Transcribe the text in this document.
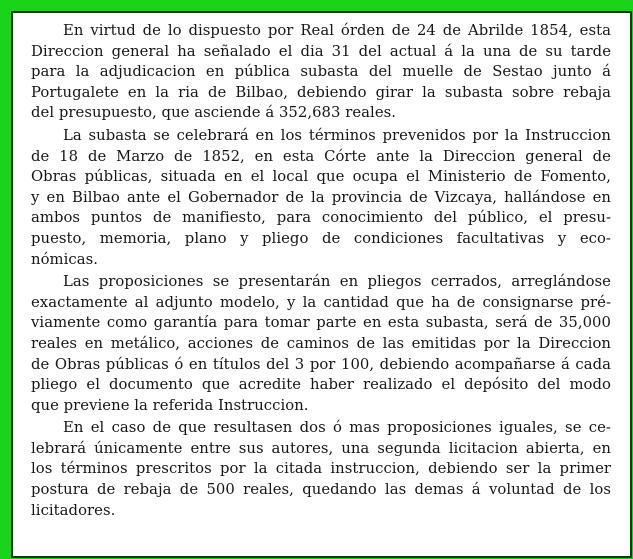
En virtud de lo dispuesto por Real órden de 24 de Abrilde 1854, esta
Direccion general ha señalado el dia 31 del actual á la una de su tarde
para la adjudicacion en pública subasta del muelle de Sestao junto á
Portugalete en la ria de Bilbao, debiendo girar la subasta sobre rebaja
del presupuesto, que asciende á 352,683 reales.

La subasta se celebrará en los términos prevenidos por la Instruccion
de 18 de Marzo de 1852, en esta Córte ante la Direccion general de
Obras públicas, situada en el local que ocupa el Ministerio de Fomento,
y en Bilbao ante el Gobernador de la provincia de Vizcaya, hallándose en
ambos puntos de manifiesto, para conocimiento del público, el presu-
puesto, memoria, plano y pliego de condiciones facultativas y eco-
nómicas.

Las proposiciones se presentarán en pliegos cerrados, arreglándose
exactamente al adjunto modelo, y la cantidad que ha de consignarse pré-
viamente como garantía para tomar parte en esta subasta, será de 35,000
reales en metálico, acciones de caminos de las emitidas por la Direccion
de Obras públicas ó en títulos del 3 por 100, debiendo acompañarse á cada
pliego el documento que acredite haber realizado el depósito del modo
que previene la referida Instruccion.

En el caso de que resultasen dos ó mas proposiciones iguales, se ce-
lebrará únicamente entre sus autores, una segunda licitacion abierta, en
los términos prescritos por la citada instruccion, debiendo ser la primer
postura de rebaja de 500 reales, quedando las demas á voluntad de los
licitadores.
